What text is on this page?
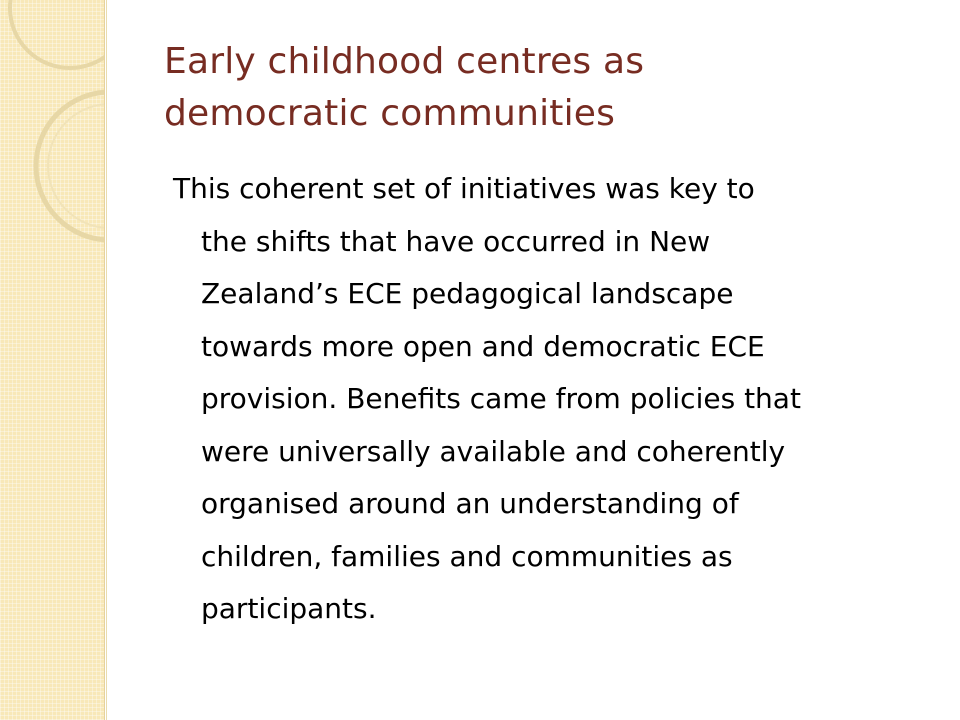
Early childhood centres as
democratic communities

This coherent set of initiatives was key to
the shifts that have occurred in New
Zealand’s ECE pedagogical landscape
towards more open and democratic ECE
provision. Benefits came from policies that
were universally available and coherently
organised around an understanding of
children, families and communities as
participants.
